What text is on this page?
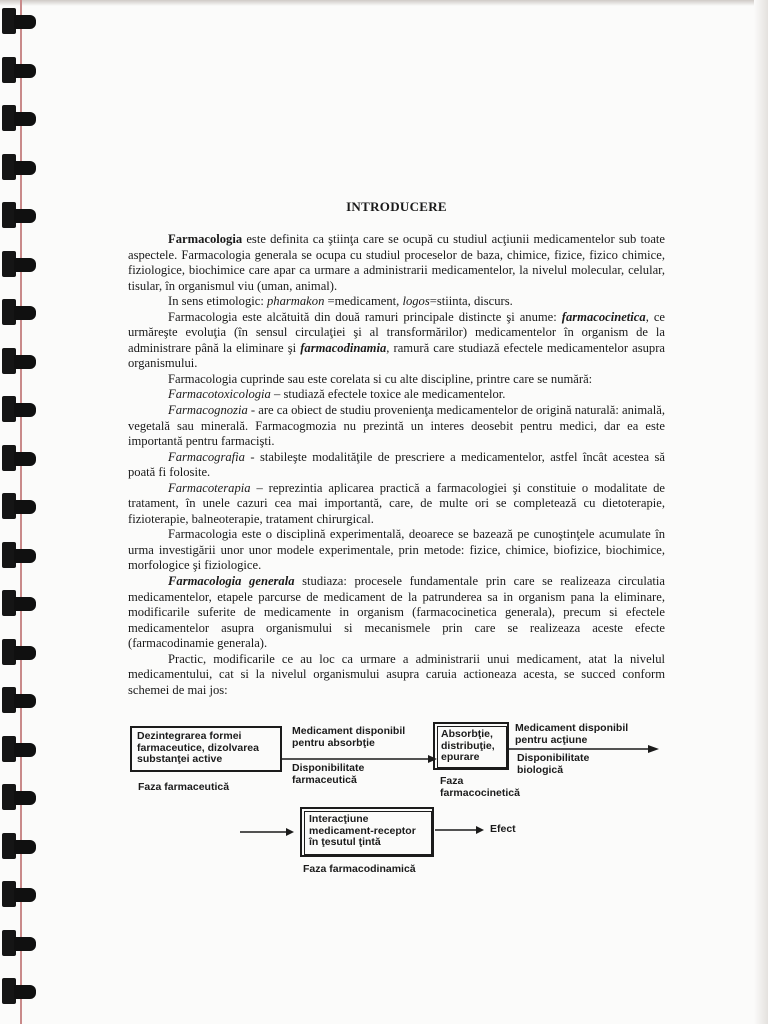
INTRODUCERE

Farmacologia este definita ca ştiinţa care se ocupă cu studiul acţiunii medicamentelor sub toate aspectele. Farmacologia generala se ocupa cu studiul proceselor de baza, chimice, fizice, fizico chimice, fiziologice, biochimice care apar ca urmare a administrarii medicamentelor, la nivelul molecular, celular, tisular, în organismul viu (uman, animal).

In sens etimologic: pharmakon =medicament, logos=stiinta, discurs.

Farmacologia este alcătuită din două ramuri principale distincte şi anume: farmacocinetica, ce urmăreşte evoluţia (în sensul circulaţiei şi al transformărilor) medicamentelor în organism de la administrare până la eliminare şi farmacodinamia, ramură care studiază efectele medicamentelor asupra organismului.

Farmacologia cuprinde sau este corelata si cu alte discipline, printre care se numără:

Farmacotoxicologia – studiază efectele toxice ale medicamentelor.

Farmacognozia - are ca obiect de studiu provenienţa medicamentelor de origină naturală: animală, vegetală sau minerală. Farmacogmozia nu prezintă un interes deosebit pentru medici, dar ea este importantă pentru farmacişti.

Farmacografia - stabileşte modalităţile de prescriere a medicamentelor, astfel încât acestea să poată fi folosite.

Farmacoterapia – reprezintia aplicarea practică a farmacologiei şi constituie o modalitate de tratament, în unele cazuri cea mai importantă, care, de multe ori se completează cu dietoterapie, fizioterapie, balneoterapie, tratament chirurgical.

Farmacologia este o disciplină experimentală, deoarece se bazează pe cunoştinţele acumulate în urma investigării unor unor modele experimentale, prin metode: fizice, chimice, biofizice, biochimice, morfologice şi fiziologice.

Farmacologia generala studiaza: procesele fundamentale prin care se realizeaza circulatia medicamentelor, etapele parcurse de medicament de la patrunderea sa in organism pana la eliminare, modificarile suferite de medicamente in organism (farmacocinetica generala), precum si efectele medicamentelor asupra organismului si mecanismele prin care se realizeaza aceste efecte (farmacodinamie generala).

Practic, modificarile ce au loc ca urmare a administrarii unui medicament, atat la nivelul medicamentului, cat si la nivelul organismului asupra caruia actioneaza acesta, se succed conform schemei de mai jos:

Dezintegrarea formei
farmaceutice, dizolvarea
substanţei active
Faza farmaceutică
Medicament disponibil
pentru absorbţie
Disponibilitate
farmaceutică
Absorbţie,
distribuţie,
epurare
Faza
farmacocinetică
Medicament disponibil
pentru acţiune
Disponibilitate
biologică
Interacţiune
medicament-receptor
în ţesutul ţintă
Faza farmacodinamică
Efect
